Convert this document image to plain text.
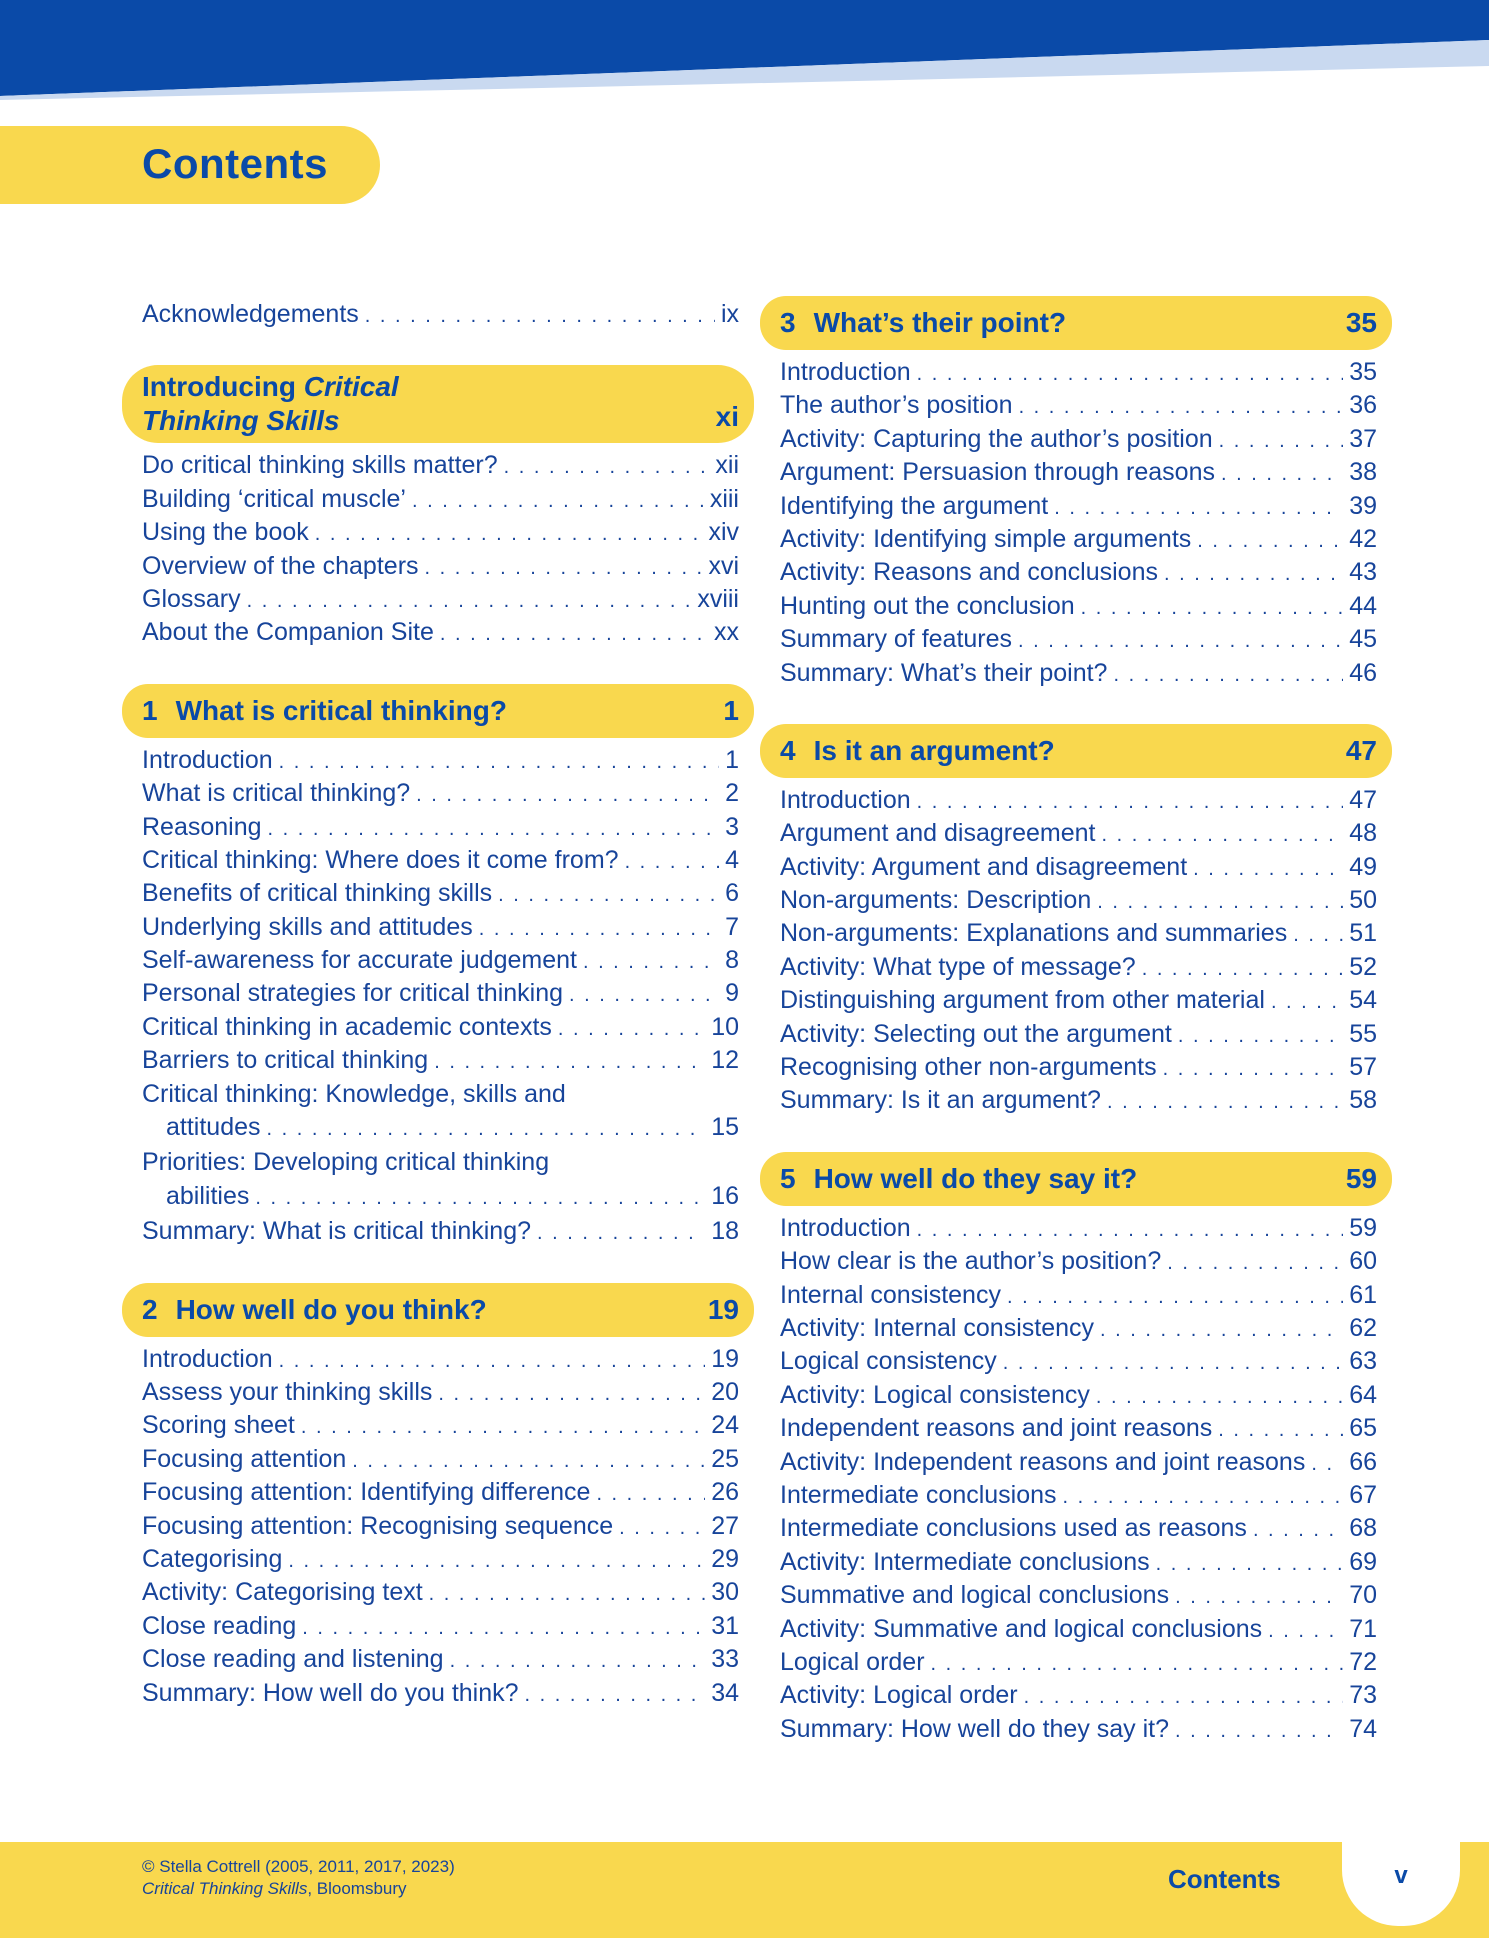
Contents
Acknowledgements . . .	ix
Introducing Critical
Thinking Skills	xi
Do critical thinking skills matter? . . .	xii
Building ‘critical muscle’ . . .	xiii
Using the book . . .	xiv
Overview of the chapters . . .	xvi
Glossary . . .	xviii
About the Companion Site . . .	xx
1 What is critical thinking?	1
Introduction . . .	1
What is critical thinking? . . .	2
Reasoning . . .	3
Critical thinking: Where does it come from? . . .	4
Benefits of critical thinking skills . . .	6
Underlying skills and attitudes . . .	7
Self-awareness for accurate judgement . . .	8
Personal strategies for critical thinking . . .	9
Critical thinking in academic contexts . . .	10
Barriers to critical thinking . . .	12
Critical thinking: Knowledge, skills and
attitudes . . .	15
Priorities: Developing critical thinking
abilities . . .	16
Summary: What is critical thinking? . . .	18
2 How well do you think?	19
Introduction . . .	19
Assess your thinking skills . . .	20
Scoring sheet . . .	24
Focusing attention . . .	25
Focusing attention: Identifying difference . . .	26
Focusing attention: Recognising sequence . . .	27
Categorising . . .	29
Activity: Categorising text . . .	30
Close reading . . .	31
Close reading and listening . . .	33
Summary: How well do you think? . . .	34
3 What’s their point?	35
Introduction . . .	35
The author’s position . . .	36
Activity: Capturing the author’s position . . .	37
Argument: Persuasion through reasons . . .	38
Identifying the argument . . .	39
Activity: Identifying simple arguments . . .	42
Activity: Reasons and conclusions . . .	43
Hunting out the conclusion . . .	44
Summary of features . . .	45
Summary: What’s their point? . . .	46
4 Is it an argument?	47
Introduction . . .	47
Argument and disagreement . . .	48
Activity: Argument and disagreement . . .	49
Non-arguments: Description . . .	50
Non-arguments: Explanations and summaries . . . 51
Activity: What type of message? . . .	52
Distinguishing argument from other material . . .	54
Activity: Selecting out the argument . . .	55
Recognising other non-arguments . . .	57
Summary: Is it an argument? . . .	58
5 How well do they say it?	59
Introduction . . .	59
How clear is the author’s position? . . .	60
Internal consistency . . .	61
Activity: Internal consistency . . .	62
Logical consistency . . .	63
Activity: Logical consistency . . .	64
Independent reasons and joint reasons . . .	65
Activity: Independent reasons and joint reasons . . . 66
Intermediate conclusions . . .	67
Intermediate conclusions used as reasons . . .	68
Activity: Intermediate conclusions . . .	69
Summative and logical conclusions . . .	70
Activity: Summative and logical conclusions . . .	71
Logical order . . .	72
Activity: Logical order . . .	73
Summary: How well do they say it? . . .	74
© Stella Cottrell (2005, 2011, 2017, 2023)
Critical Thinking Skills, Bloomsbury	Contents	v
